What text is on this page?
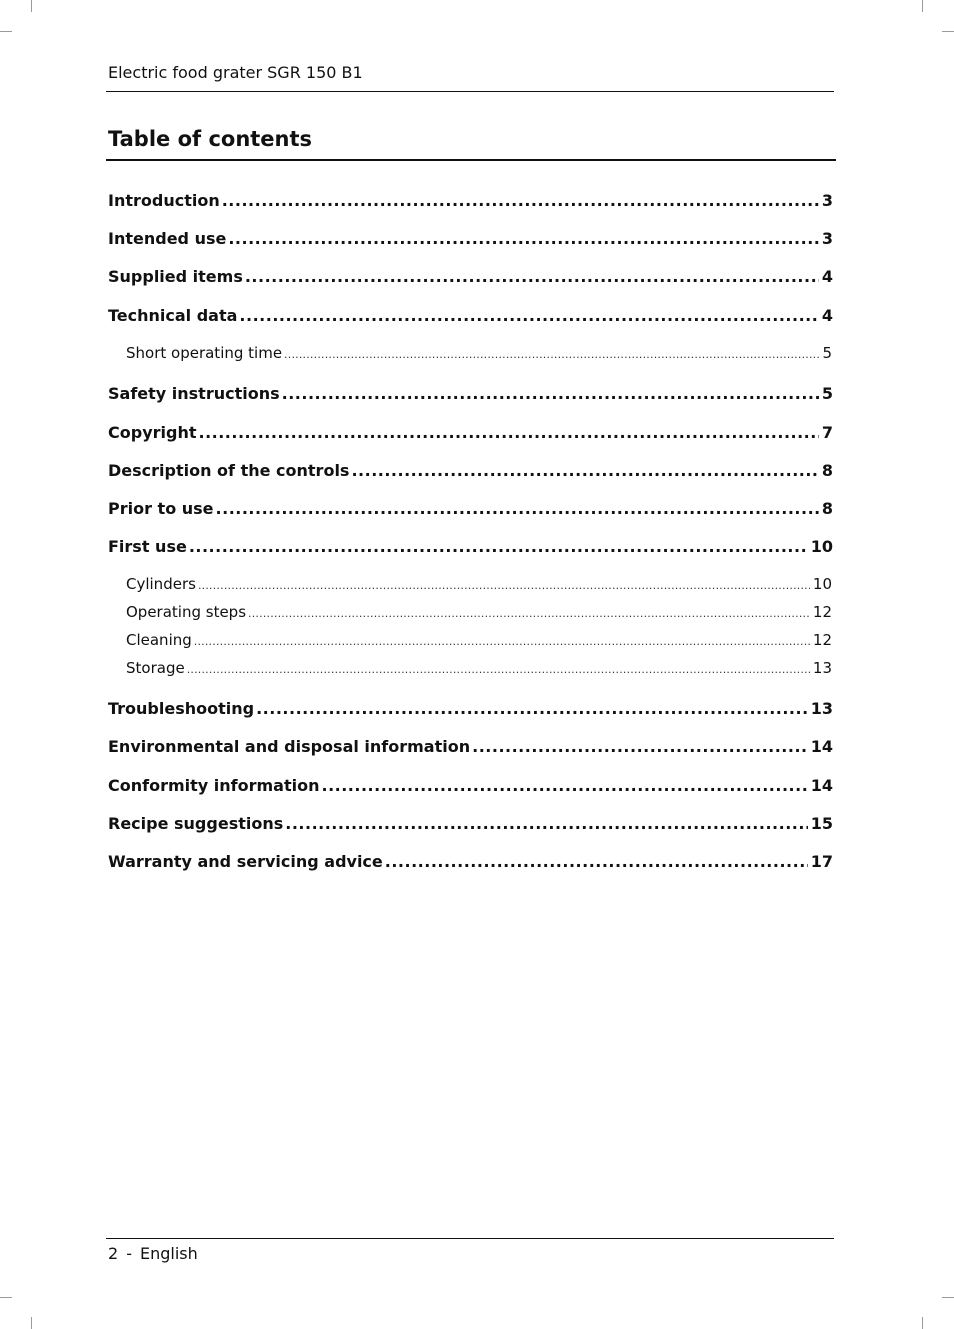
Electric food grater SGR 150 B1
Table of contents
Introduction .....	3
Intended use .....	3
Supplied items .....	4
Technical data .....	4
Short operating time .....	5
Safety instructions .....	5
Copyright .....	7
Description of the controls .....	8
Prior to use .....	8
First use .....	10
Cylinders .....	10
Operating steps .....	12
Cleaning .....	12
Storage .....	13
Troubleshooting .....	13
Environmental and disposal information .....	14
Conformity information .....	14
Recipe suggestions .....	15
Warranty and servicing advice .....	17
2 - English
